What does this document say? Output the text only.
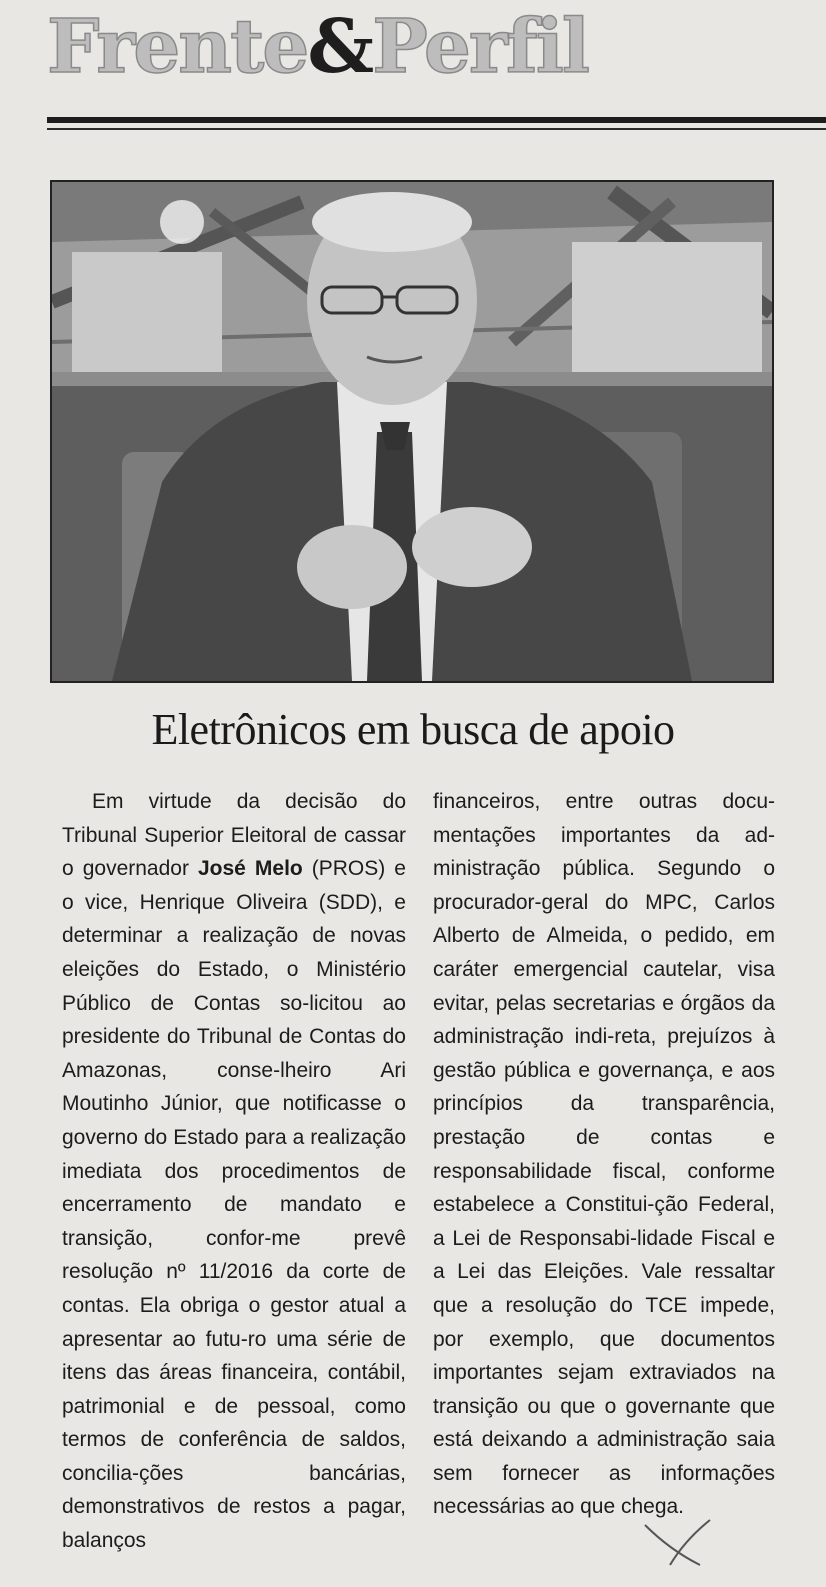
Frente&Perfil
Eletrônicos em busca de apoio

Em virtude da decisão do Tribunal Superior Eleitoral de cassar o governador José Melo (PROS) e o vice, Henrique Oliveira (SDD), e determinar a realização de novas eleições do Estado, o Ministério Público de Contas so-licitou ao presidente do Tribunal de Contas do Amazonas, conse-lheiro Ari Moutinho Júnior, que notificasse o governo do Estado para a realização imediata dos procedimentos de encerramento de mandato e transição, confor-me prevê resolução nº 11/2016 da corte de contas. Ela obriga o gestor atual a apresentar ao futu-ro uma série de itens das áreas financeira, contábil, patrimonial e de pessoal, como termos de conferência de saldos, concilia-ções bancárias, demonstrativos de restos a pagar, balanços

financeiros, entre outras docu-mentações importantes da ad-ministração pública. Segundo o procurador-geral do MPC, Carlos Alberto de Almeida, o pedido, em caráter emergencial cautelar, visa evitar, pelas secretarias e órgãos da administração indi-reta, prejuízos à gestão pública e governança, e aos princípios da transparência, prestação de contas e responsabilidade fiscal, conforme estabelece a Constitui-ção Federal, a Lei de Responsabi-lidade Fiscal e a Lei das Eleições. Vale ressaltar que a resolução do TCE impede, por exemplo, que documentos importantes sejam extraviados na transição ou que o governante que está deixando a administração saia sem fornecer as informações necessárias ao que chega.
